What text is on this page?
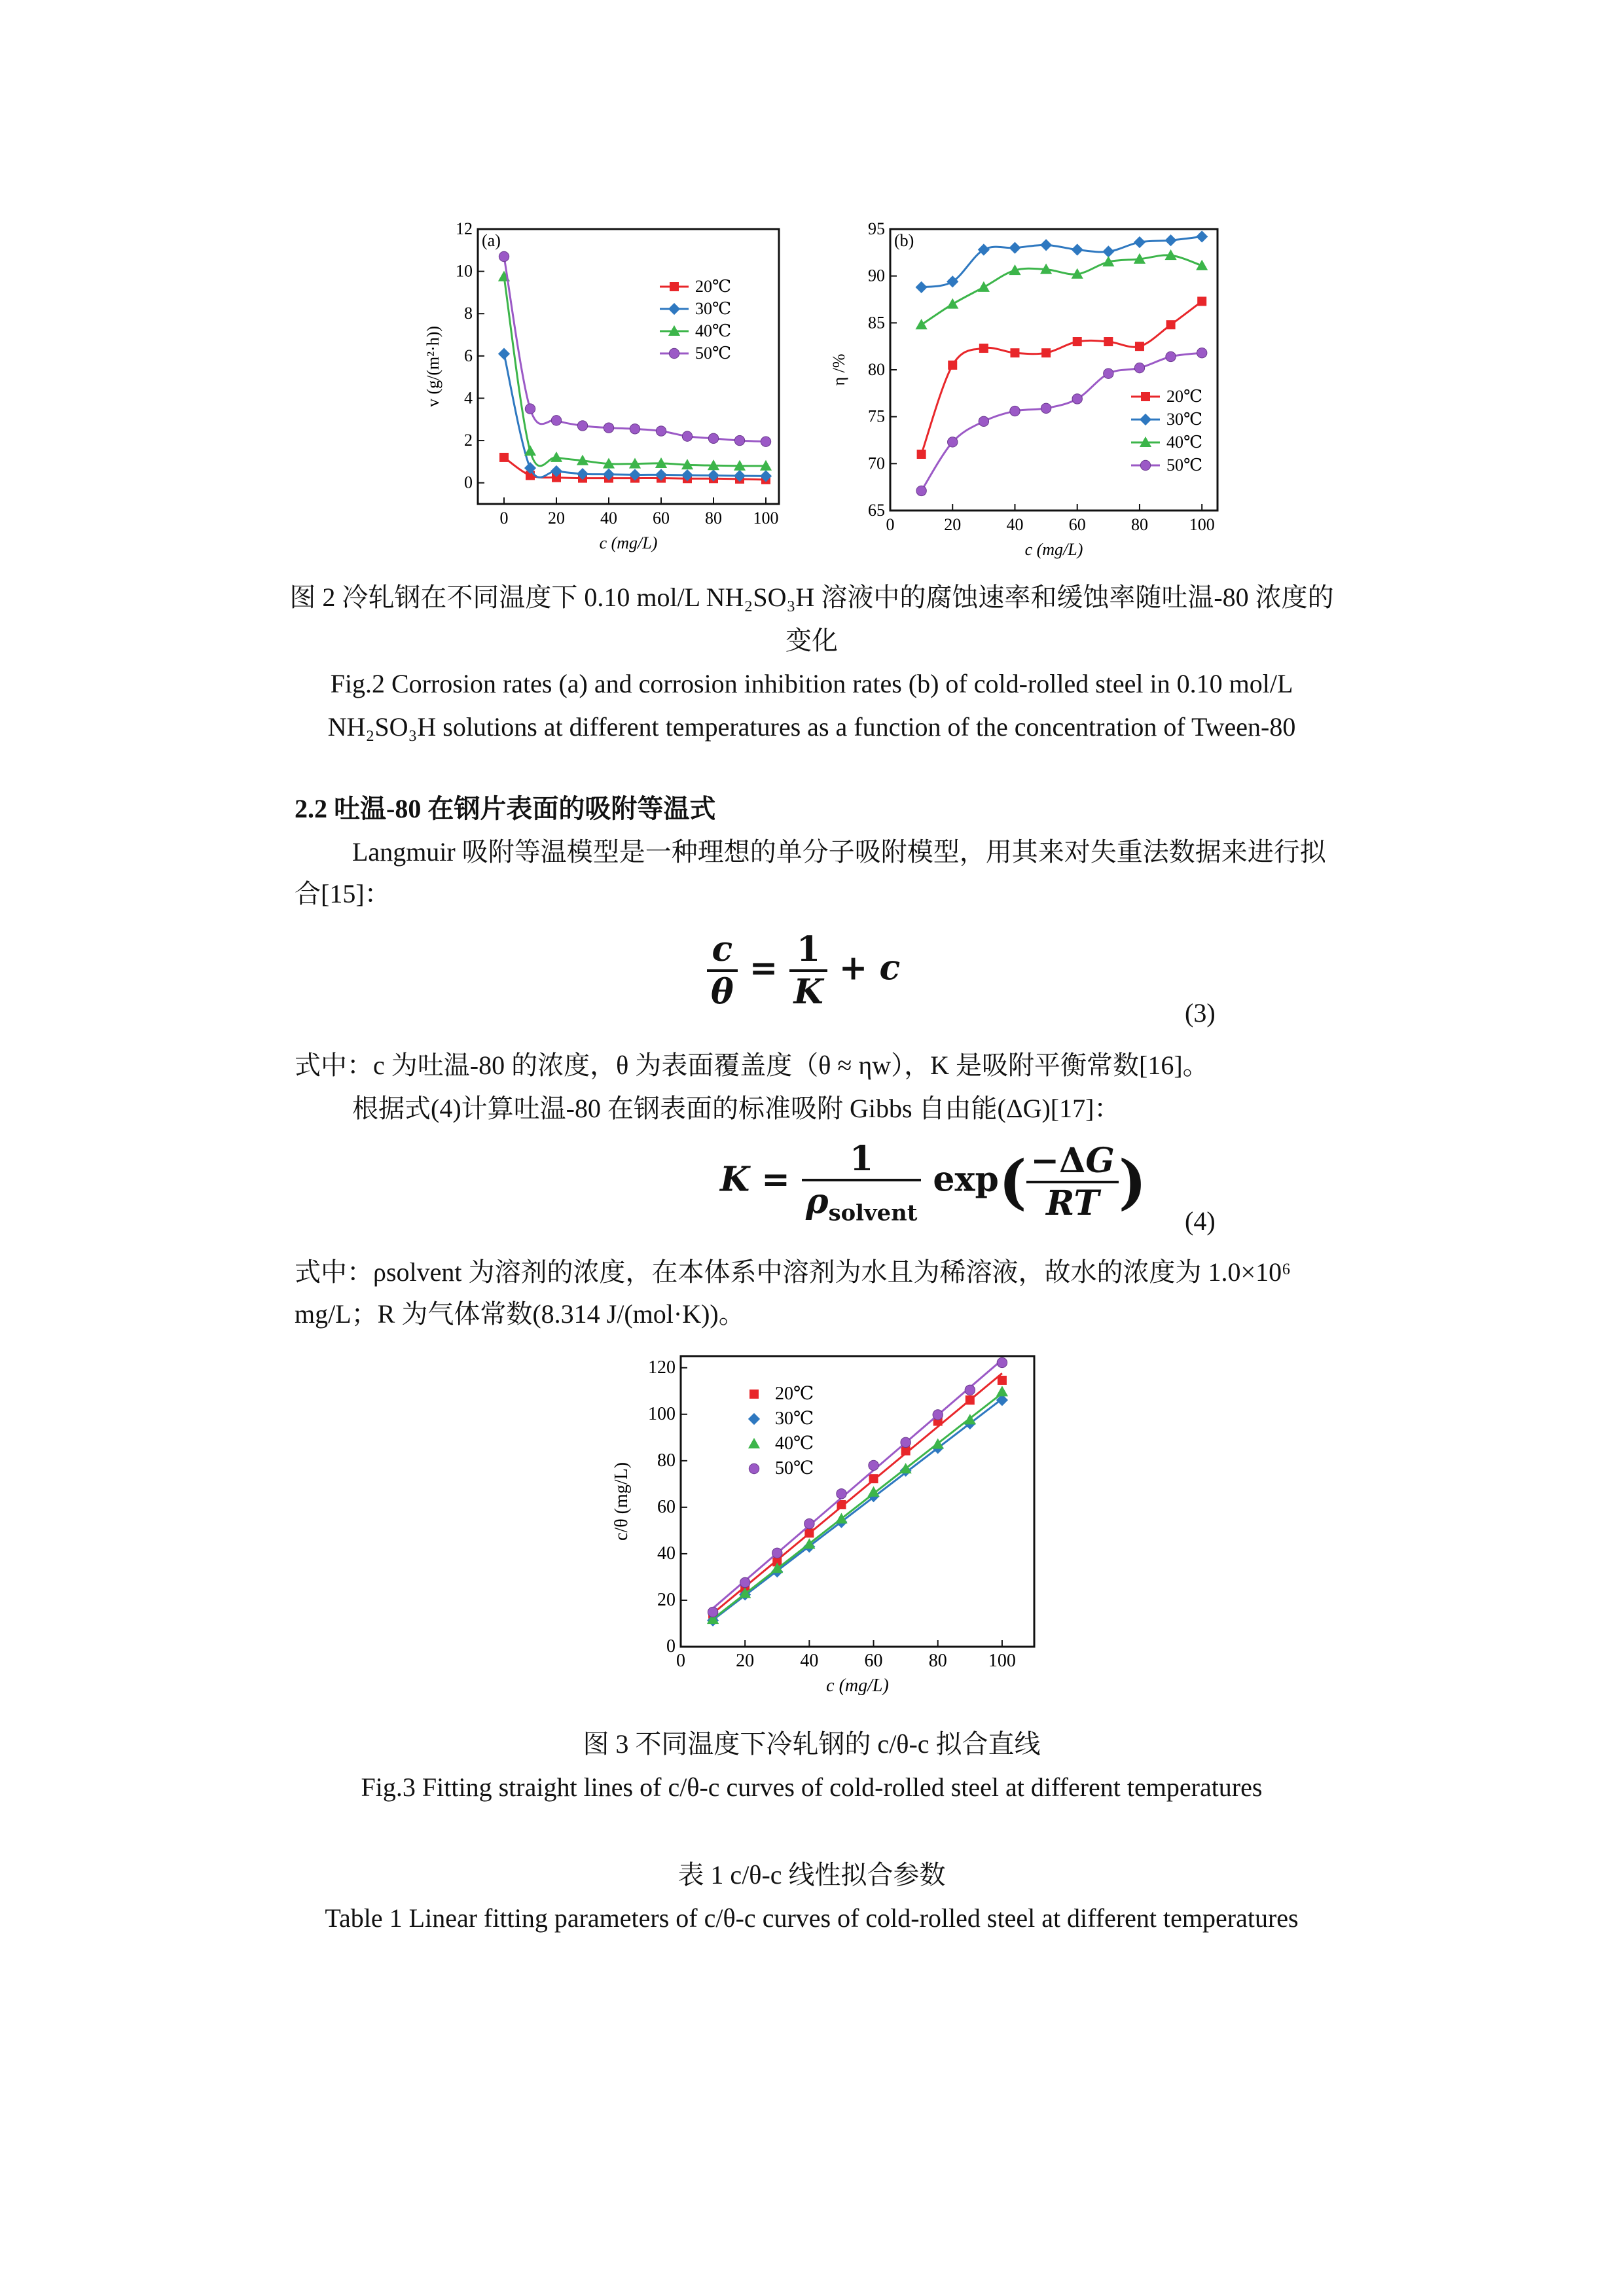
0 20 40 60 80 100
0
2
4
6
8
10
12
c (mg/L)
v (g/(m²·h))
(a)
20℃
30℃
40℃
50℃
0	20	40	60	80 100
65
70
75
80
85
90
95
c (mg/L)
η /%
(b)
20℃
30℃
40℃
50℃
图 2 冷轧钢在不同温度下 0.10 mol/L NH₂SO₃H 溶液中的腐蚀速率和缓蚀率随吐温-80 浓度的变化
Fig.2 Corrosion rates (a) and corrosion inhibition rates (b) of cold-rolled steel in 0.10 mol/L NH₂SO₃H solutions at different temperatures as a function of the concentration of Tween-80
2.2 吐温-80 在钢片表面的吸附等温式
Langmuir 吸附等温模型是一种理想的单分子吸附模型，用其来对失重法数据来进行拟合[15]：
$\frac{c}{\theta} = \frac{1}{K} + c$
(3)
式中：c 为吐温-80 的浓度，θ 为表面覆盖度（θ ≈ ηw），K 是吸附平衡常数[16]。
根据式(4)计算吐温-80 在钢表面的标准吸附 Gibbs 自由能(ΔG)[17]：
$K = \frac{1}{\rho_{solvent}} \exp( \frac{-\Delta G}{RT}$ )
(4)
式中：ρsolvent 为溶剂的浓度，在本体系中溶剂为水且为稀溶液，故水的浓度为 1.0×10⁶ mg/L；R 为气体常数(8.314 J/(mol·K))。
0	20	40	60	80 100
0
20
40
60
80
100
120
c (mg/L)
c/θ (mg/L)
20℃
30℃
40℃
50℃
图 3 不同温度下冷轧钢的 c/θ-c 拟合直线
Fig.3 Fitting straight lines of c/θ-c curves of cold-rolled steel at different temperatures
表 1 c/θ-c 线性拟合参数
Table 1 Linear fitting parameters of c/θ-c curves of cold-rolled steel at different temperatures
